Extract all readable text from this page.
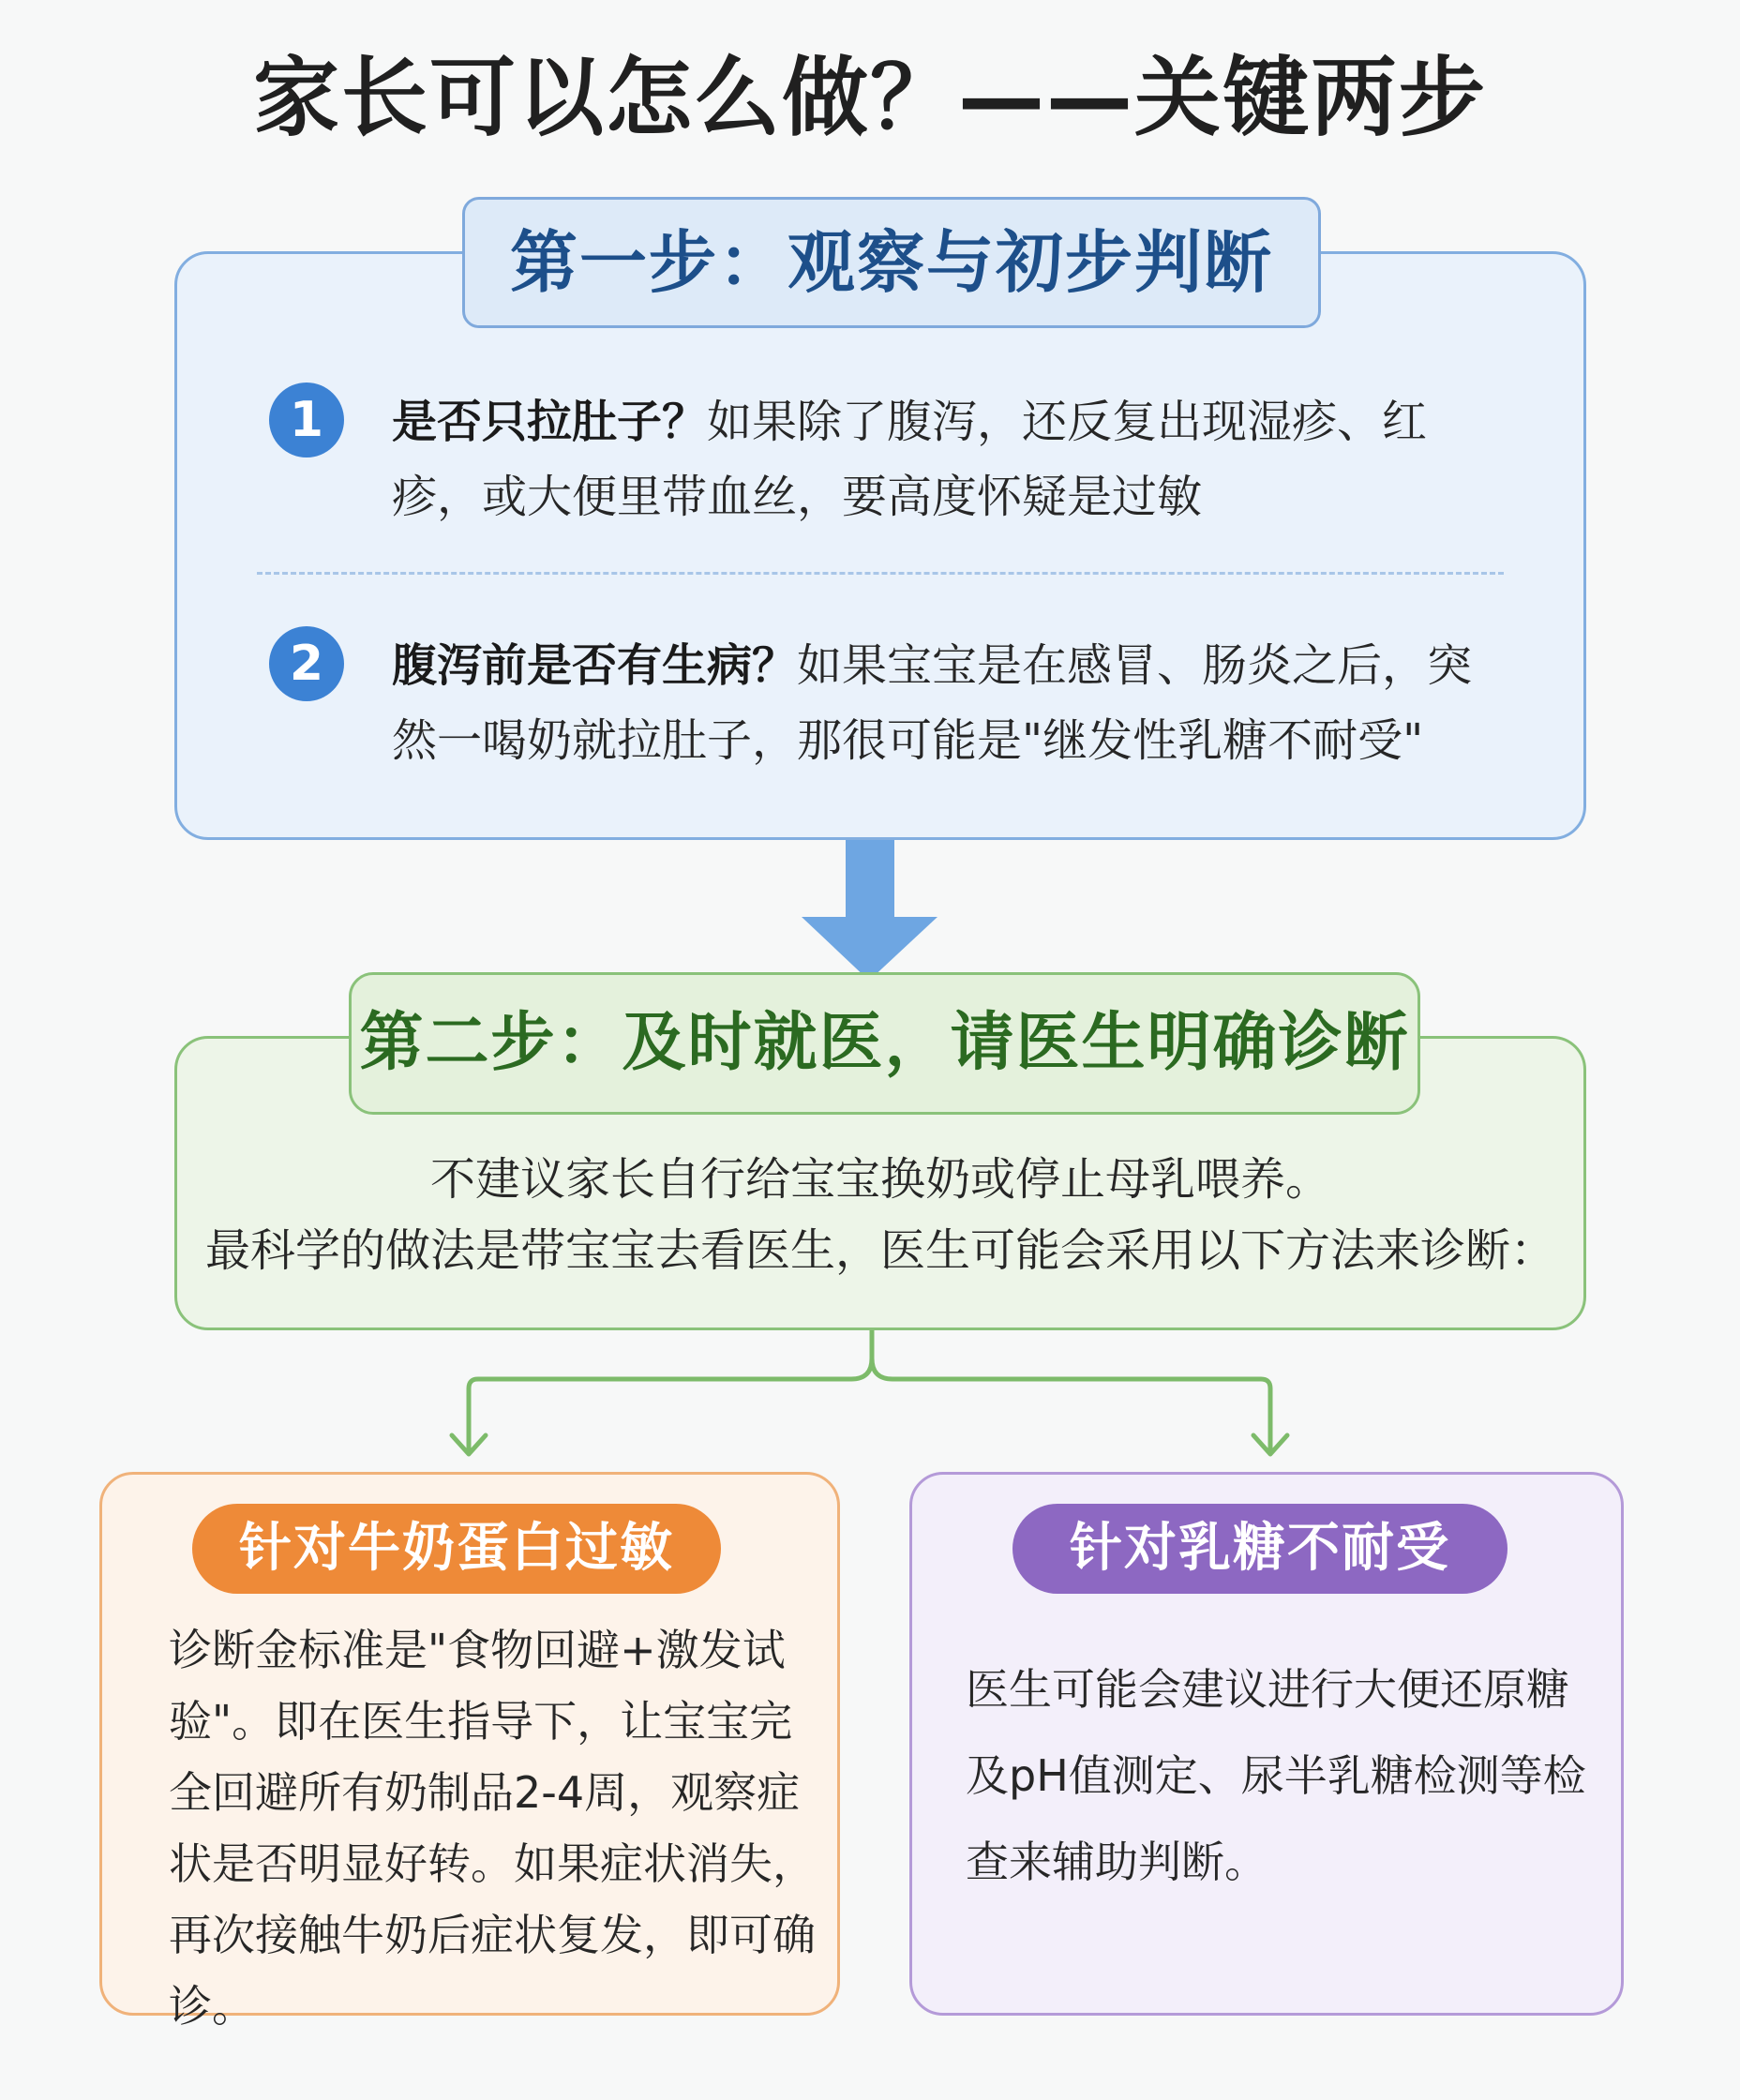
家长可以怎么做？——关键两步
第一步：观察与初步判断
1	是否只拉肚子？如果除了腹泻，还反复出现湿疹、红疹，或大便里带血丝，要高度怀疑是过敏
2	腹泻前是否有生病？如果宝宝是在感冒、肠炎之后，突然一喝奶就拉肚子，那很可能是"继发性乳糖不耐受"
第二步：及时就医，请医生明确诊断
不建议家长自行给宝宝换奶或停止母乳喂养。
最科学的做法是带宝宝去看医生，医生可能会采用以下方法来诊断：
针对牛奶蛋白过敏
诊断金标准是"食物回避+激发试验"。即在医生指导下，让宝宝完全回避所有奶制品2-4周，观察症状是否明显好转。如果症状消失，再次接触牛奶后症状复发，即可确诊。
针对乳糖不耐受
医生可能会建议进行大便还原糖及pH值测定、尿半乳糖检测等检查来辅助判断。
